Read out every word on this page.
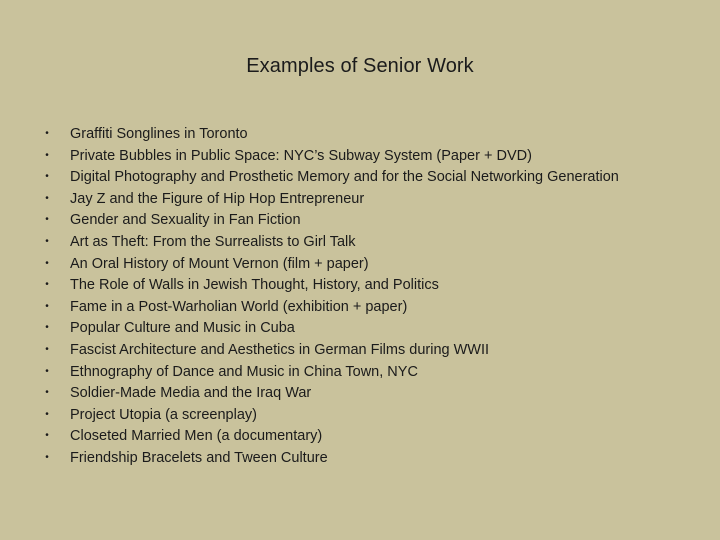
Examples of Senior Work
•	Graffiti Songlines in Toronto
•	Private Bubbles in Public Space: NYC’s Subway System (Paper + DVD)
•	Digital Photography and Prosthetic Memory and for the Social Networking Generation
•	Jay Z and the Figure of Hip Hop Entrepreneur
•	Gender and Sexuality in Fan Fiction
•	Art as Theft: From the Surrealists to Girl Talk
•	An Oral History of Mount Vernon (film + paper)
•	The Role of Walls in Jewish Thought, History, and Politics
•	Fame in a Post-Warholian World (exhibition + paper)
•	Popular Culture and Music in Cuba
•	Fascist Architecture and Aesthetics in German Films during WWII
•	Ethnography of Dance and Music in China Town, NYC
•	Soldier-Made Media and the Iraq War
•	Project Utopia (a screenplay)
•	Closeted Married Men (a documentary)
•	Friendship Bracelets and Tween Culture
